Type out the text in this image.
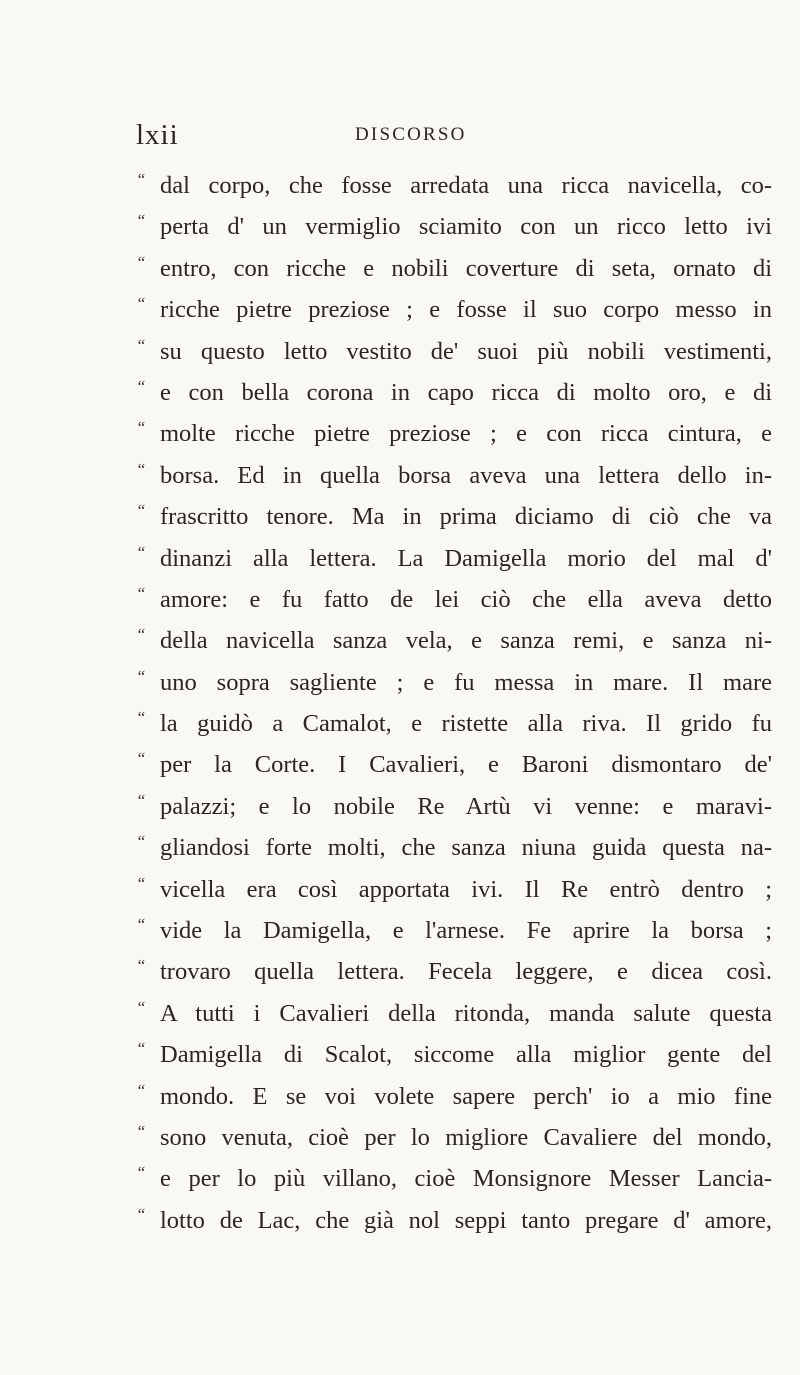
lxii	DISCORSO
“ dal corpo, che fosse arredata una ricca navicella, co-
“ perta d' un vermiglio sciamito con un ricco letto ivi
“ entro, con ricche e nobili coverture di seta, ornato di
“ ricche pietre preziose ; e fosse il suo corpo messo in
“ su questo letto vestito de' suoi più nobili vestimenti,
“ e con bella corona in capo ricca di molto oro, e di
“ molte ricche pietre preziose ; e con ricca cintura, e
“ borsa. Ed in quella borsa aveva una lettera dello in-
“ frascritto tenore. Ma in prima diciamo di ciò che va
“ dinanzi alla lettera. La Damigella morio del mal d'
“ amore: e fu fatto de lei ciò che ella aveva detto
“ della navicella sanza vela, e sanza remi, e sanza ni-
“ uno sopra sagliente ; e fu messa in mare. Il mare
“ la guidò a Camalot, e ristette alla riva. Il grido fu
“ per la Corte. I Cavalieri, e Baroni dismontaro de'
“ palazzi; e lo nobile Re Artù vi venne: e maravi-
“ gliandosi forte molti, che sanza niuna guida questa na-
“ vicella era così apportata ivi. Il Re entrò dentro ;
“ vide la Damigella, e l'arnese. Fe aprire la borsa ;
“ trovaro quella lettera. Fecela leggere, e dicea così.
“ A tutti i Cavalieri della ritonda, manda salute questa
“ Damigella di Scalot, siccome alla miglior gente del
“ mondo. E se voi volete sapere perch' io a mio fine
“ sono venuta, cioè per lo migliore Cavaliere del mondo,
“ e per lo più villano, cioè Monsignore Messer Lancia-
“ lotto de Lac, che già nol seppi tanto pregare d' amore,
